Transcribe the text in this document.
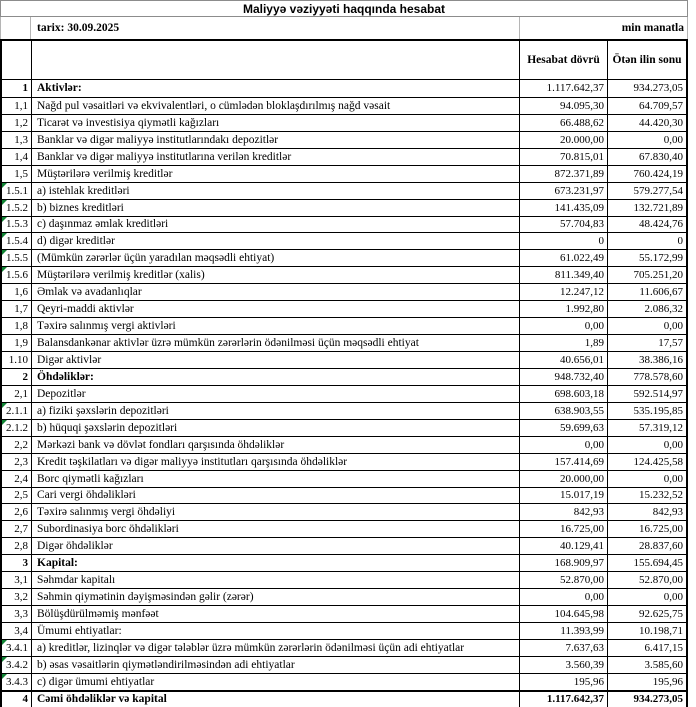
Maliyyə vəziyyəti haqqında hesabat
tarix: 30.09.2025	min manatla
Hesabat dövrü	Ötən ilin sonu
1 Aktivlər:	1.117.642,37	934.273,05
1,1 Nağd pul vəsaitləri və ekvivalentləri, o cümlədən bloklaşdırılmış nağd vəsait	94.095,30	64.709,57
1,2 Ticarət və investisiya qiymətli kağızları	66.488,62	44.420,30
1,3 Banklar və digər maliyyə institutlarındakı depozitlər	20.000,00	0,00
1,4 Banklar və digər maliyyə institutlarına verilən kreditlər	70.815,01	67.830,40
1,5 Müştərilərə verilmiş kreditlər	872.371,89	760.424,19
1.5.1 a) istehlak kreditləri	673.231,97	579.277,54
1.5.2 b) biznes kreditləri	141.435,09	132.721,89
1.5.3 c) daşınmaz əmlak kreditləri	57.704,83	48.424,76
1.5.4 d) digər kreditlər	0	0
1.5.5 (Mümkün zərərlər üçün yaradılan məqsədli ehtiyat)	61.022,49	55.172,99
1.5.6 Müştərilərə verilmiş kreditlər (xalis)	811.349,40	705.251,20
1,6 Əmlak və avadanlıqlar	12.247,12	11.606,67
1,7 Qeyri-maddi aktivlər	1.992,80	2.086,32
1,8 Təxirə salınmış vergi aktivləri	0,00	0,00
1,9 Balansdankənar aktivlər üzrə mümkün zərərlərin ödənilməsi üçün məqsədli ehtiyat	1,89	17,57
1.10 Digər aktivlər	40.656,01	38.386,16
2 Öhdəliklər:	948.732,40	778.578,60
2,1 Depozitlər	698.603,18	592.514,97
2.1.1 a) fiziki şəxslərin depozitləri	638.903,55	535.195,85
2.1.2 b) hüquqi şəxslərin depozitləri	59.699,63	57.319,12
2,2 Mərkəzi bank və dövlət fondları qarşısında öhdəliklər	0,00	0,00
2,3 Kredit təşkilatları və digər maliyyə institutları qarşısında öhdəliklər	157.414,69	124.425,58
2,4 Borc qiymətli kağızları	20.000,00	0,00
2,5 Cari vergi öhdəlikləri	15.017,19	15.232,52
2,6 Təxirə salınmış vergi öhdəliyi	842,93	842,93
2,7 Subordinasiya borc öhdəlikləri	16.725,00	16.725,00
2,8 Digər öhdəliklər	40.129,41	28.837,60
3 Kapital:	168.909,97	155.694,45
3,1 Səhmdar kapitalı	52.870,00	52.870,00
3,2 Səhmin qiymətinin dəyişməsindən gəlir (zərər)	0,00	0,00
3,3 Bölüşdürülməmiş mənfəət	104.645,98	92.625,75
3,4 Ümumi ehtiyatlar:	11.393,99	10.198,71
3.4.1 a) kreditlər, lizinqlər və digər tələblər üzrə mümkün zərərlərin ödənilməsi üçün adi ehtiyatlar	7.637,63	6.417,15
3.4.2 b) əsas vəsaitlərin qiymətləndirilməsindən adi ehtiyatlar	3.560,39	3.585,60
3.4.3 c) digər ümumi ehtiyatlar	195,96	195,96
4 Cəmi öhdəliklər və kapital	1.117.642,37	934.273,05
